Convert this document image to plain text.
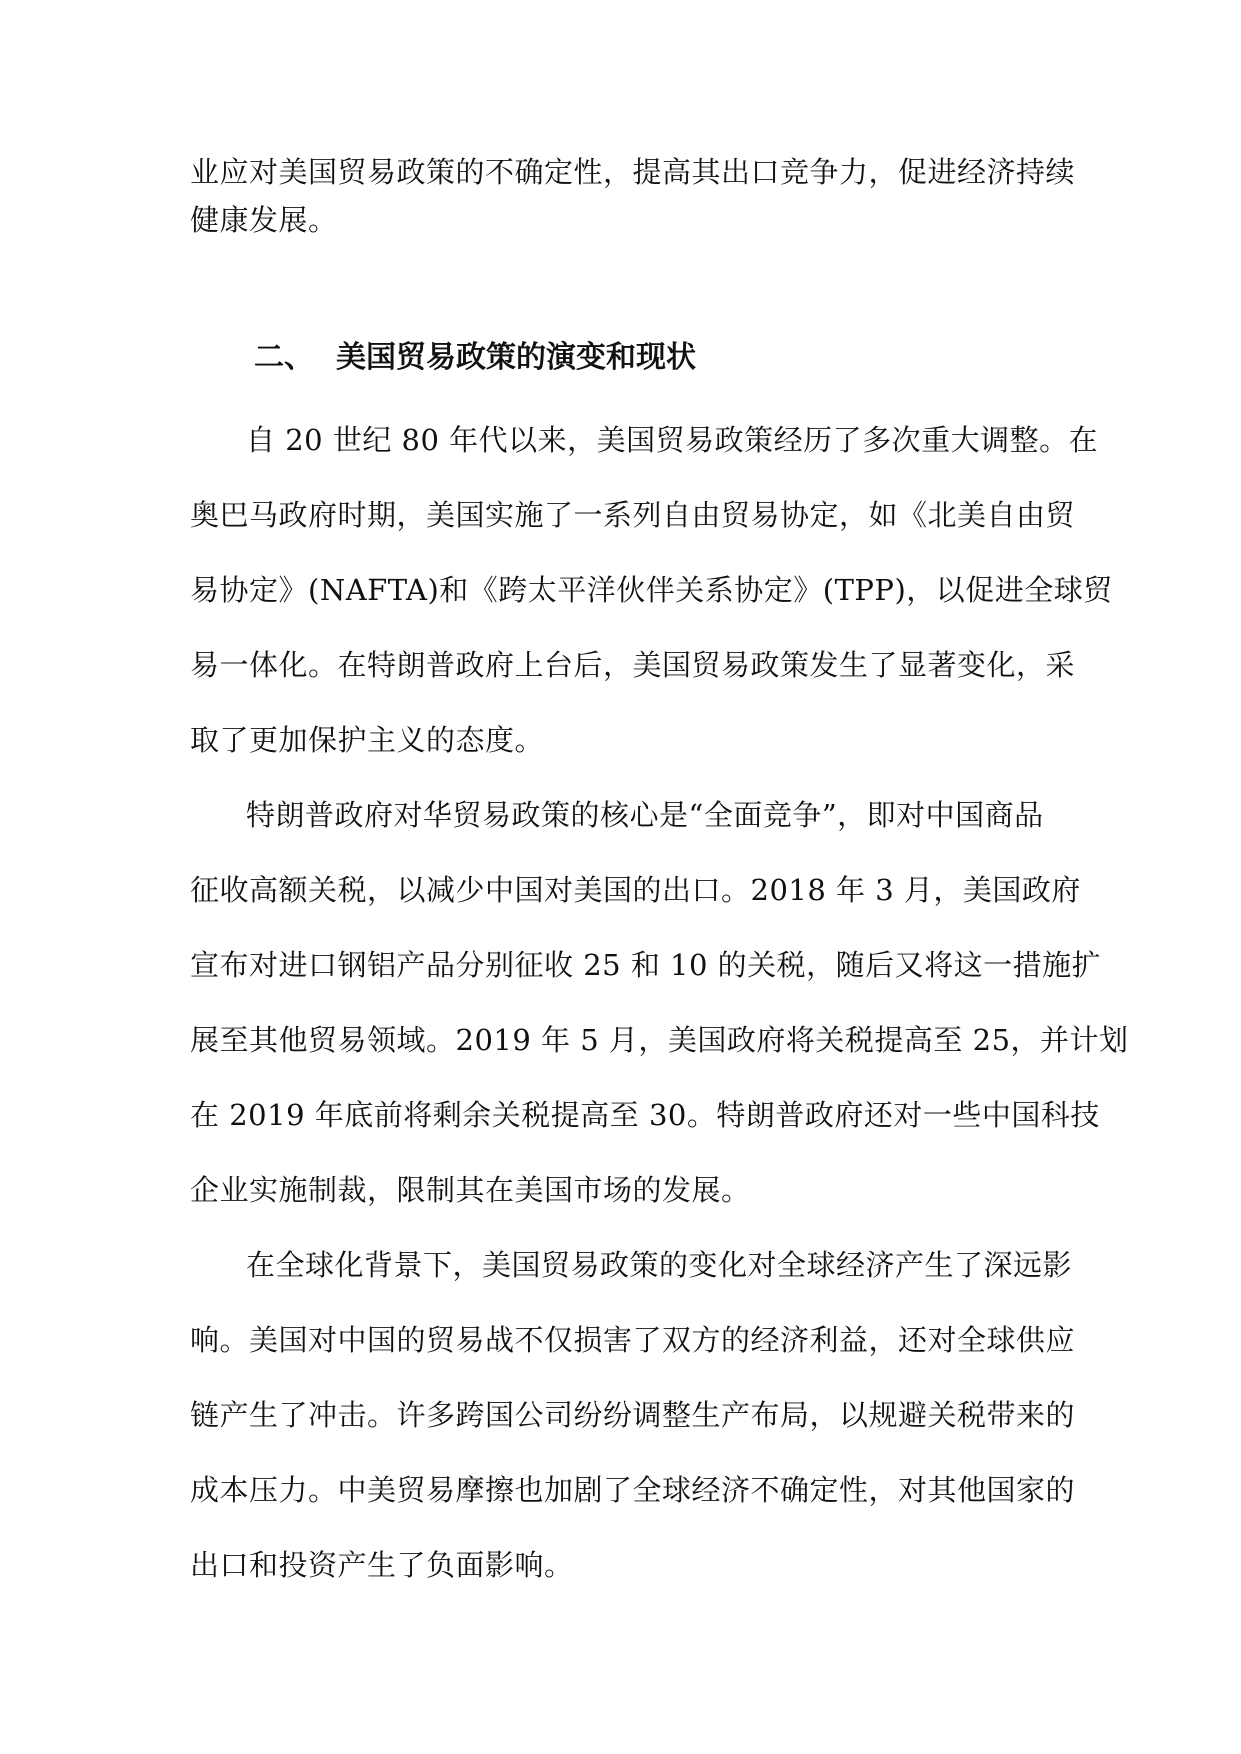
业应对美国贸易政策的不确定性，提高其出口竞争力，促进经济持续
健康发展。
二、 美国贸易政策的演变和现状
自 20 世纪 80 年代以来，美国贸易政策经历了多次重大调整。在
奥巴马政府时期，美国实施了一系列自由贸易协定，如《北美自由贸
易协定》(NAFTA)和《跨太平洋伙伴关系协定》(TPP)，以促进全球贸
易一体化。在特朗普政府上台后，美国贸易政策发生了显著变化，采
取了更加保护主义的态度。
特朗普政府对华贸易政策的核心是“全面竞争”，即对中国商品
征收高额关税，以减少中国对美国的出口。2018 年 3 月，美国政府
宣布对进口钢铝产品分别征收 25 和 10 的关税，随后又将这一措施扩
展至其他贸易领域。2019 年 5 月，美国政府将关税提高至 25，并计划
在 2019 年底前将剩余关税提高至 30。特朗普政府还对一些中国科技
企业实施制裁，限制其在美国市场的发展。
在全球化背景下，美国贸易政策的变化对全球经济产生了深远影
响。美国对中国的贸易战不仅损害了双方的经济利益，还对全球供应
链产生了冲击。许多跨国公司纷纷调整生产布局，以规避关税带来的
成本压力。中美贸易摩擦也加剧了全球经济不确定性，对其他国家的
出口和投资产生了负面影响。
